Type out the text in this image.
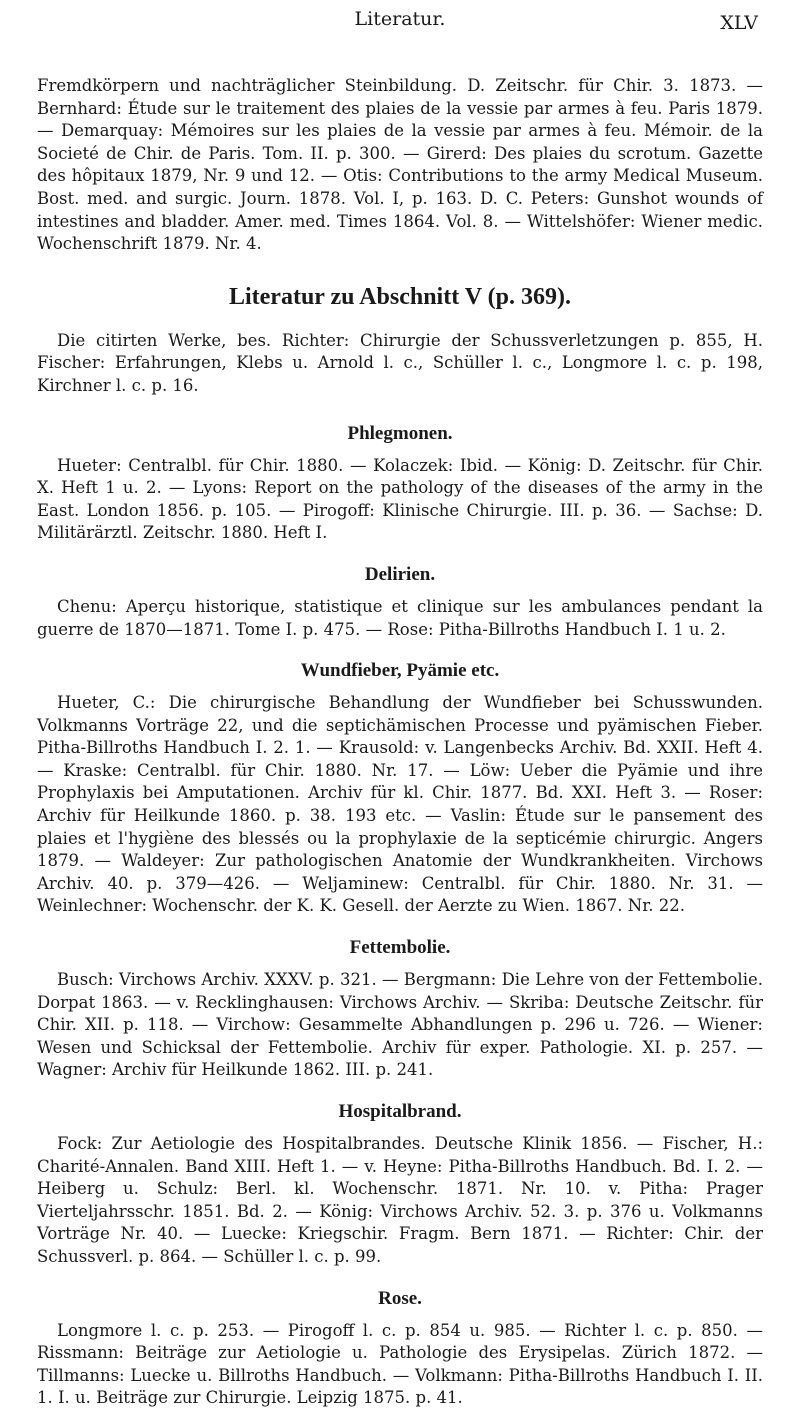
Literatur.	XLV

Fremdkörpern und nachträglicher Steinbildung. D. Zeitschr. für Chir. 3. 1873. — Bernhard: Étude sur le traitement des plaies de la vessie par armes à feu. Paris 1879. — Demarquay: Mémoires sur les plaies de la vessie par armes à feu. Mémoir. de la Societé de Chir. de Paris. Tom. II. p. 300. — Girerd: Des plaies du scrotum. Gazette des hôpitaux 1879, Nr. 9 und 12. — Otis: Contributions to the army Medical Museum. Bost. med. and surgic. Journ. 1878. Vol. I, p. 163. D. C. Peters: Gunshot wounds of intestines and bladder. Amer. med. Times 1864. Vol. 8. — Wittelshöfer: Wiener medic. Wochenschrift 1879. Nr. 4.

Literatur zu Abschnitt V (p. 369).

Die citirten Werke, bes. Richter: Chirurgie der Schussverletzungen p. 855, H. Fischer: Erfahrungen, Klebs u. Arnold l. c., Schüller l. c., Longmore l. c. p. 198, Kirchner l. c. p. 16.

Phlegmonen.

Hueter: Centralbl. für Chir. 1880. — Kolaczek: Ibid. — König: D. Zeitschr. für Chir. X. Heft 1 u. 2. — Lyons: Report on the pathology of the diseases of the army in the East. London 1856. p. 105. — Pirogoff: Klinische Chirurgie. III. p. 36. — Sachse: D. Militärärztl. Zeitschr. 1880. Heft I.

Delirien.

Chenu: Aperçu historique, statistique et clinique sur les ambulances pendant la guerre de 1870—1871. Tome I. p. 475. — Rose: Pitha-Billroths Handbuch I. 1 u. 2.

Wundfieber, Pyämie etc.

Hueter, C.: Die chirurgische Behandlung der Wundfieber bei Schusswunden. Volkmanns Vorträge 22, und die septichämischen Processe und pyämischen Fieber. Pitha-Billroths Handbuch I. 2. 1. — Krausold: v. Langenbecks Archiv. Bd. XXII. Heft 4. — Kraske: Centralbl. für Chir. 1880. Nr. 17. — Löw: Ueber die Pyämie und ihre Prophylaxis bei Amputationen. Archiv für kl. Chir. 1877. Bd. XXI. Heft 3. — Roser: Archiv für Heilkunde 1860. p. 38. 193 etc. — Vaslin: Étude sur le pansement des plaies et l'hygiène des blessés ou la prophylaxie de la septicémie chirurgic. Angers 1879. — Waldeyer: Zur pathologischen Anatomie der Wundkrankheiten. Virchows Archiv. 40. p. 379—426. — Weljaminew: Centralbl. für Chir. 1880. Nr. 31. — Weinlechner: Wochenschr. der K. K. Gesell. der Aerzte zu Wien. 1867. Nr. 22.

Fettembolie.

Busch: Virchows Archiv. XXXV. p. 321. — Bergmann: Die Lehre von der Fettembolie. Dorpat 1863. — v. Recklinghausen: Virchows Archiv. — Skriba: Deutsche Zeitschr. für Chir. XII. p. 118. — Virchow: Gesammelte Abhandlungen p. 296 u. 726. — Wiener: Wesen und Schicksal der Fettembolie. Archiv für exper. Pathologie. XI. p. 257. — Wagner: Archiv für Heilkunde 1862. III. p. 241.

Hospitalbrand.

Fock: Zur Aetiologie des Hospitalbrandes. Deutsche Klinik 1856. — Fischer, H.: Charité-Annalen. Band XIII. Heft 1. — v. Heyne: Pitha-Billroths Handbuch. Bd. I. 2. — Heiberg u. Schulz: Berl. kl. Wochenschr. 1871. Nr. 10. v. Pitha: Prager Vierteljahrsschr. 1851. Bd. 2. — König: Virchows Archiv. 52. 3. p. 376 u. Volkmanns Vorträge Nr. 40. — Luecke: Kriegschir. Fragm. Bern 1871. — Richter: Chir. der Schussverl. p. 864. — Schüller l. c. p. 99.

Rose.

Longmore l. c. p. 253. — Pirogoff l. c. p. 854 u. 985. — Richter l. c. p. 850. — Rissmann: Beiträge zur Aetiologie u. Pathologie des Erysipelas. Zürich 1872. — Tillmanns: Luecke u. Billroths Handbuch. — Volkmann: Pitha-Billroths Handbuch I. II. 1. I. u. Beiträge zur Chirurgie. Leipzig 1875. p. 41.
